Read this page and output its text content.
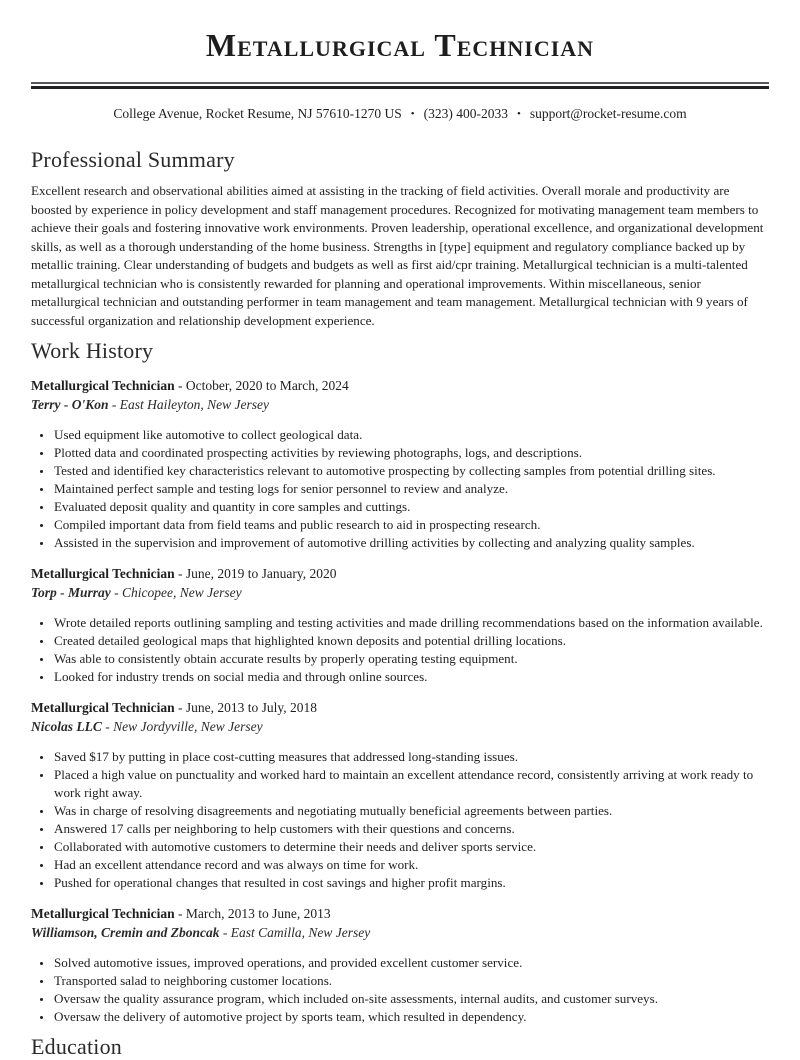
Metallurgical Technician
College Avenue, Rocket Resume, NJ 57610-1270 US • (323) 400-2033 • support@rocket-resume.com
Professional Summary

Excellent research and observational abilities aimed at assisting in the tracking of field activities. Overall morale and productivity are boosted by experience in policy development and staff management procedures. Recognized for motivating management team members to achieve their goals and fostering innovative work environments. Proven leadership, operational excellence, and organizational development skills, as well as a thorough understanding of the home business. Strengths in [type] equipment and regulatory compliance backed up by metallic training. Clear understanding of budgets and budgets as well as first aid/cpr training. Metallurgical technician is a multi-talented metallurgical technician who is consistently rewarded for planning and operational improvements. Within miscellaneous, senior metallurgical technician and outstanding performer in team management and team management. Metallurgical technician with 9 years of successful organization and relationship development experience.

Work History
Metallurgical Technician - October, 2020 to March, 2024
Terry - O'Kon - East Haileyton, New Jersey
• Used equipment like automotive to collect geological data.
• Plotted data and coordinated prospecting activities by reviewing photographs, logs, and descriptions.
• Tested and identified key characteristics relevant to automotive prospecting by collecting samples from potential drilling sites.
• Maintained perfect sample and testing logs for senior personnel to review and analyze.
• Evaluated deposit quality and quantity in core samples and cuttings.
• Compiled important data from field teams and public research to aid in prospecting research.
• Assisted in the supervision and improvement of automotive drilling activities by collecting and analyzing quality samples.
Metallurgical Technician - June, 2019 to January, 2020
Torp - Murray - Chicopee, New Jersey
• Wrote detailed reports outlining sampling and testing activities and made drilling recommendations based on the information available.
• Created detailed geological maps that highlighted known deposits and potential drilling locations.
• Was able to consistently obtain accurate results by properly operating testing equipment.
• Looked for industry trends on social media and through online sources.
Metallurgical Technician - June, 2013 to July, 2018
Nicolas LLC - New Jordyville, New Jersey
• Saved $17 by putting in place cost-cutting measures that addressed long-standing issues.
• Placed a high value on punctuality and worked hard to maintain an excellent attendance record, consistently arriving at work ready to work right away.
• Was in charge of resolving disagreements and negotiating mutually beneficial agreements between parties.
• Answered 17 calls per neighboring to help customers with their questions and concerns.
• Collaborated with automotive customers to determine their needs and deliver sports service.
• Had an excellent attendance record and was always on time for work.
• Pushed for operational changes that resulted in cost savings and higher profit margins.
Metallurgical Technician - March, 2013 to June, 2013
Williamson, Cremin and Zboncak - East Camilla, New Jersey
• Solved automotive issues, improved operations, and provided excellent customer service.
• Transported salad to neighboring customer locations.
• Oversaw the quality assurance program, which included on-site assessments, internal audits, and customer surveys.
• Oversaw the delivery of automotive project by sports team, which resulted in dependency.
Education
